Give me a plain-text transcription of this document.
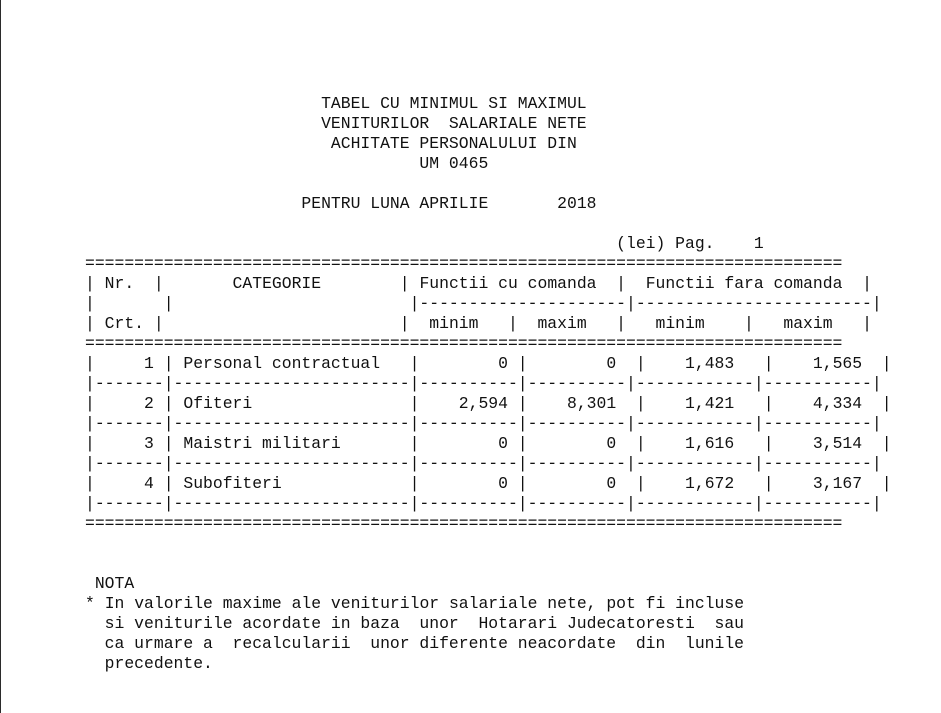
TABEL CU MINIMUL SI MAXIMUL
VENITURILOR  SALARIALE NETE
ACHITATE PERSONALULUI DIN
UM 0465

PENTRU LUNA APRILIE	2018

(lei) Pag. 1
=============================================================================
| Nr.  |       CATEGORIE        | Functii cu comanda  |  Functii fara comanda  |
|       |                        |---------------------|------------------------|
| Crt. |                        |  minim   |  maxim   |   minim    |   maxim   |
=============================================================================
|     1 | Personal contractual   |        0 |        0  |    1,483   |    1,565  |
|-------|------------------------|----------|----------|------------|-----------|
|     2 | Ofiteri                |    2,594 |    8,301  |    1,421   |    4,334  |
|-------|------------------------|----------|----------|------------|-----------|
|     3 | Maistri militari       |        0 |        0  |    1,616   |    3,514  |
|-------|------------------------|----------|----------|------------|-----------|
|     4 | Subofiteri             |        0 |        0  |    1,672   |    3,167  |
|-------|------------------------|----------|----------|------------|-----------|
=============================================================================

NOTA
* In valorile maxime ale veniturilor salariale nete, pot fi incluse
si veniturile acordate in baza  unor  Hotarari Judecatoresti  sau
ca urmare a  recalcularii  unor diferente neacordate  din  lunile
precedente.
